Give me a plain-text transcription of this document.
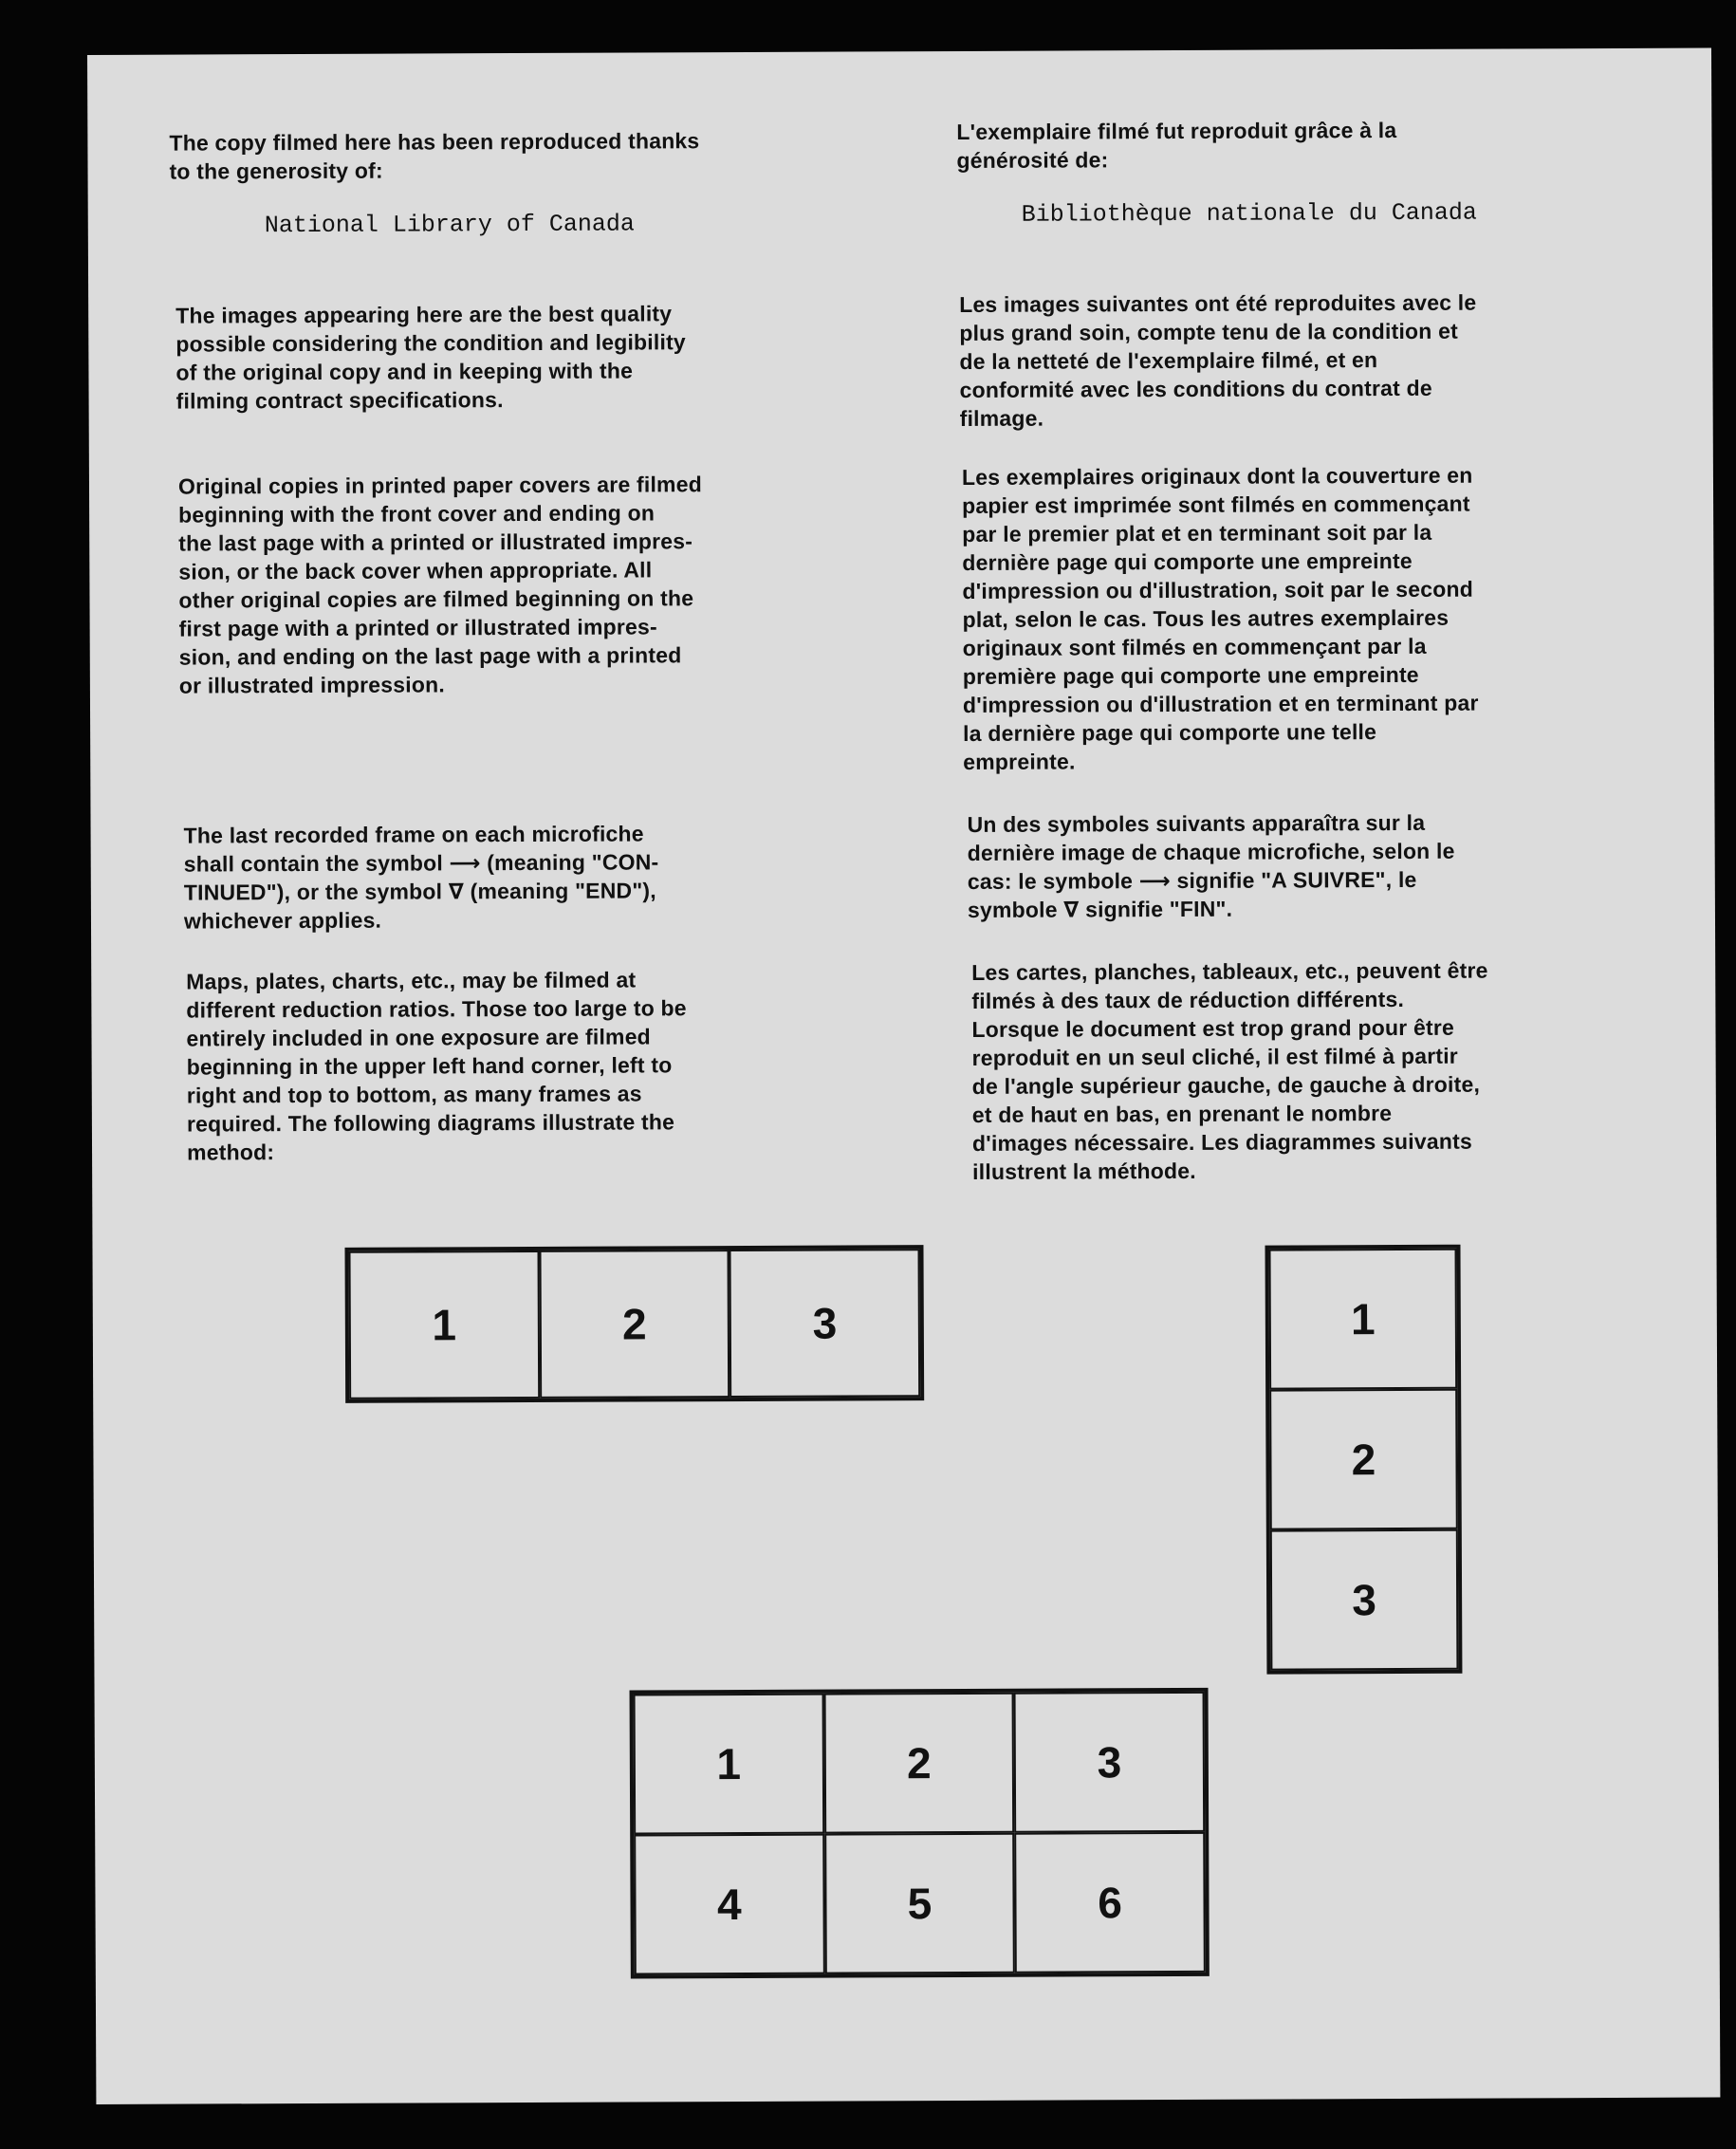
The copy filmed here has been reproduced thanks
to the generosity of:

National Library of Canada

The images appearing here are the best quality
possible considering the condition and legibility
of the original copy and in keeping with the
filming contract specifications.

Original copies in printed paper covers are filmed
beginning with the front cover and ending on
the last page with a printed or illustrated impres-
sion, or the back cover when appropriate. All
other original copies are filmed beginning on the
first page with a printed or illustrated impres-
sion, and ending on the last page with a printed
or illustrated impression.

The last recorded frame on each microfiche
shall contain the symbol ⟶ (meaning "CON-
TINUED"), or the symbol ∇ (meaning "END"),
whichever applies.

Maps, plates, charts, etc., may be filmed at
different reduction ratios. Those too large to be
entirely included in one exposure are filmed
beginning in the upper left hand corner, left to
right and top to bottom, as many frames as
required. The following diagrams illustrate the
method:

L'exemplaire filmé fut reproduit grâce à la
générosité de:

Bibliothèque nationale du Canada

Les images suivantes ont été reproduites avec le
plus grand soin, compte tenu de la condition et
de la netteté de l'exemplaire filmé, et en
conformité avec les conditions du contrat de
filmage.

Les exemplaires originaux dont la couverture en
papier est imprimée sont filmés en commençant
par le premier plat et en terminant soit par la
dernière page qui comporte une empreinte
d'impression ou d'illustration, soit par le second
plat, selon le cas. Tous les autres exemplaires
originaux sont filmés en commençant par la
première page qui comporte une empreinte
d'impression ou d'illustration et en terminant par
la dernière page qui comporte une telle
empreinte.

Un des symboles suivants apparaîtra sur la
dernière image de chaque microfiche, selon le
cas: le symbole ⟶ signifie "A SUIVRE", le
symbole ∇ signifie "FIN".

Les cartes, planches, tableaux, etc., peuvent être
filmés à des taux de réduction différents.
Lorsque le document est trop grand pour être
reproduit en un seul cliché, il est filmé à partir
de l'angle supérieur gauche, de gauche à droite,
et de haut en bas, en prenant le nombre
d'images nécessaire. Les diagrammes suivants
illustrent la méthode.

1	2	3	1
2
3
1	2	3
4	5	6
